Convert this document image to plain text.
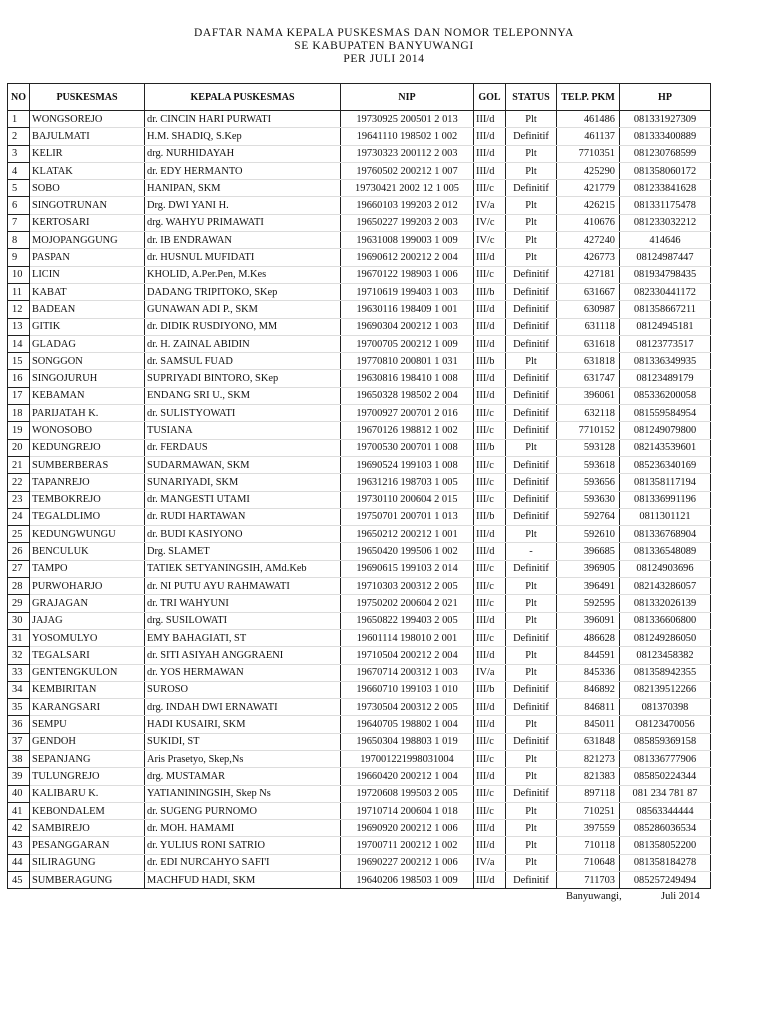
DAFTAR NAMA KEPALA PUSKESMAS DAN NOMOR TELEPONNYA
SE KABUPATEN BANYUWANGI
PER JULI 2014
NO	PUSKESMAS	KEPALA PUSKESMAS	NIP	GOL	STATUS	TELP. PKM	HP
1	WONGSOREJO	dr. CINCIN HARI PURWATI	19730925 200501 2 013	III/d	Plt	461486	081331927309
2	BAJULMATI	H.M. SHADIQ, S.Kep	19641110 198502 1 002	III/d	Definitif	461137	081333400889
3	KELIR	drg. NURHIDAYAH	19730323 200112 2 003	III/d	Plt	7710351	081230768599
4	KLATAK	dr. EDY HERMANTO	19760502 200212 1 007	III/d	Plt	425290	081358060172
5	SOBO	HANIPAN, SKM	19730421 2002 12 1 005	III/c	Definitif	421779	081233841628
6	SINGOTRUNAN	Drg. DWI YANI H.	19660103 199203 2 012	IV/a	Plt	426215	081331175478
7	KERTOSARI	drg. WAHYU PRIMAWATI	19650227 199203 2 003	IV/c	Plt	410676	081233032212
8	MOJOPANGGUNG	dr. IB ENDRAWAN	19631008 199003 1 009	IV/c	Plt	427240	414646
9	PASPAN	dr. HUSNUL MUFIDATI	19690612 200212 2 004	III/d	Plt	426773	08124987447
10	LICIN	KHOLID, A.Per.Pen, M.Kes	19670122 198903 1 006	III/c	Definitif	427181	081934798435
11	KABAT	DADANG TRIPITOKO, SKep	19710619 199403 1 003	III/b	Definitif	631667	082330441172
12	BADEAN	GUNAWAN ADI P., SKM	19630116 198409 1 001	III/d	Definitif	630987	081358667211
13	GITIK	dr. DIDIK RUSDIYONO, MM	19690304 200212 1 003	III/d	Definitif	631118	08124945181
14	GLADAG	dr. H. ZAINAL ABIDIN	19700705 200212 1 009	III/d	Definitif	631618	08123773517
15	SONGGON	dr. SAMSUL FUAD	19770810 200801 1 031	III/b	Plt	631818	081336349935
16	SINGOJURUH	SUPRIYADI BINTORO, SKep	19630816 198410 1 008	III/d	Definitif	631747	08123489179
17	KEBAMAN	ENDANG SRI U., SKM	19650328 198502 2 004	III/d	Definitif	396061	085336200058
18	PARIJATAH K.	dr. SULISTYOWATI	19700927 200701 2 016	III/c	Definitif	632118	081559584954
19	WONOSOBO	TUSIANA	19670126 198812 1 002	III/c	Definitif	7710152	081249079800
20	KEDUNGREJO	dr. FERDAUS	19700530 200701 1 008	III/b	Plt	593128	082143539601
21	SUMBERBERAS	SUDARMAWAN, SKM	19690524 199103 1 008	III/c	Definitif	593618	085236340169
22	TAPANREJO	SUNARIYADI, SKM	19631216 198703 1 005	III/c	Definitif	593656	081358117194
23	TEMBOKREJO	dr. MANGESTI UTAMI	19730110 200604 2 015	III/c	Definitif	593630	081336991196
24	TEGALDLIMO	dr. RUDI HARTAWAN	19750701 200701 1 013	III/b	Definitif	592764	0811301121
25	KEDUNGWUNGU	dr. BUDI KASIYONO	19650212 200212 1 001	III/d	Plt	592610	081336768904
26	BENCULUK	Drg. SLAMET	19650420 199506 1 002	III/d	-	396685	081336548089
27	TAMPO	TATIEK SETYANINGSIH, AMd.Keb	19690615 199103 2 014	III/c	Definitif	396905	08124903696
28	PURWOHARJO	dr. NI PUTU AYU RAHMAWATI	19710303 200312 2 005	III/c	Plt	396491	082143286057
29	GRAJAGAN	dr. TRI WAHYUNI	19750202 200604 2 021	III/c	Plt	592595	081332026139
30	JAJAG	drg. SUSILOWATI	19650822 199403 2 005	III/d	Plt	396091	081336606800
31	YOSOMULYO	EMY BAHAGIATI, ST	19601114 198010 2 001	III/c	Definitif	486628	081249286050
32	TEGALSARI	dr. SITI ASIYAH ANGGRAENI	19710504 200212 2 004	III/d	Plt	844591	08123458382
33	GENTENGKULON	dr. YOS HERMAWAN	19670714 200312 1 003	IV/a	Plt	845336	081358942355
34	KEMBIRITAN	SUROSO	19660710 199103 1 010	III/b	Definitif	846892	082139512266
35	KARANGSARI	drg. INDAH DWI ERNAWATI	19730504 200312 2 005	III/d	Definitif	846811	081370398
36	SEMPU	HADI KUSAIRI, SKM	19640705 198802 1 004	III/d	Plt	845011	O8123470056
37	GENDOH	SUKIDI, ST	19650304 198803 1 019	III/c	Definitif	631848	085859369158
38	SEPANJANG	Aris Prasetyo, Skep,Ns	197001221998031004	III/c	Plt	821273	081336777906
39	TULUNGREJO	drg. MUSTAMAR	19660420 200212 1 004	III/d	Plt	821383	085850224344
40	KALIBARU K.	YATIANININGSIH, Skep Ns	19720608 199503 2 005	III/c	Definitif	897118	081 234 781 87
41	KEBONDALEM	dr. SUGENG PURNOMO	19710714 200604 1 018	III/c	Plt	710251	08563344444
42	SAMBIREJO	dr. MOH. HAMAMI	19690920 200212 1 006	III/d	Plt	397559	085286036534
43	PESANGGARAN	dr. YULIUS RONI SATRIO	19700711 200212 1 002	III/d	Plt	710118	081358052200
44	SILIRAGUNG	dr. EDI NURCAHYO SAFI'I	19690227 200212 1 006	IV/a	Plt	710648	081358184278
45	SUMBERAGUNG	MACHFUD HADI, SKM	19640206 198503 1 009	III/d	Definitif	711703	085257249494
Banyuwangi,	Juli 2014
